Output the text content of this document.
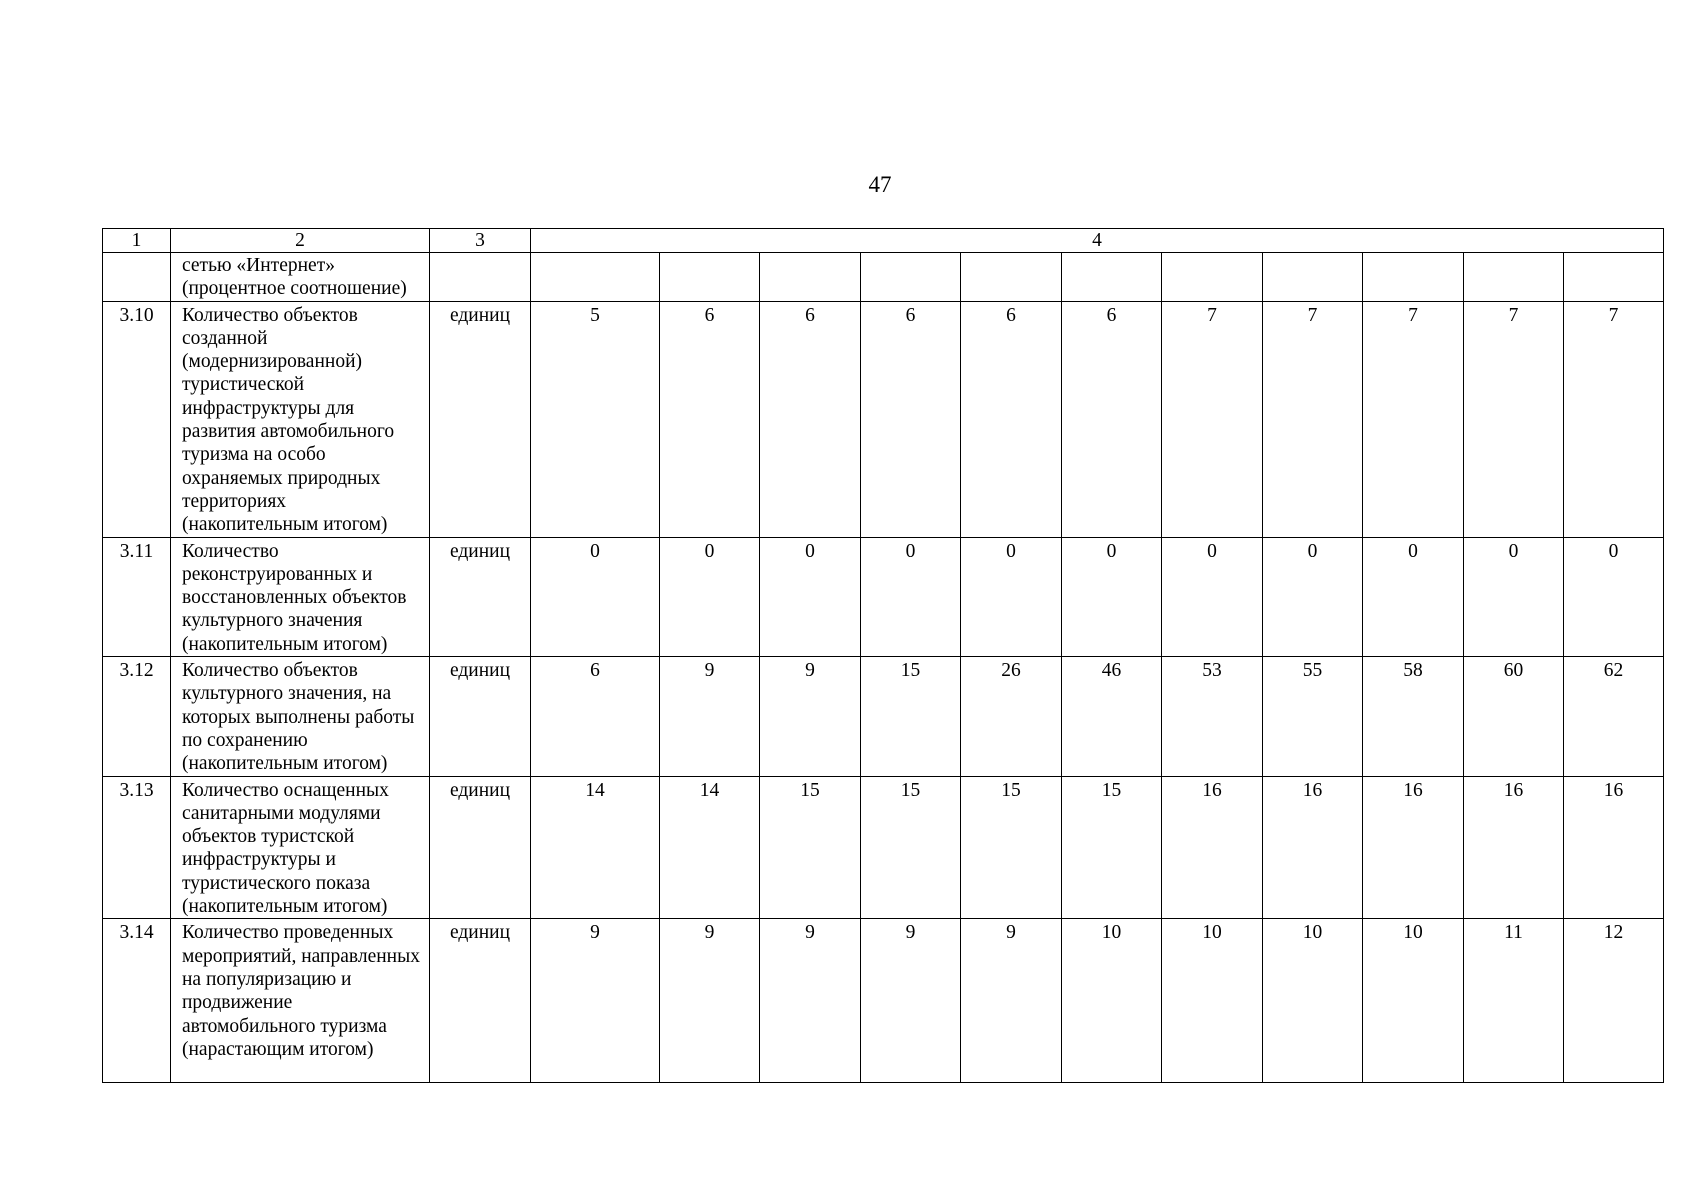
47
1	2	3	4										
	сетью «Интернет» (процентное соотношение)												
3.10	Количество объектов созданной (модернизированной) туристической инфраструктуры для развития автомобильного туризма на особо охраняемых природных территориях (накопительным итогом)	единиц	5	6	6	6	6	6	7	7	7	7	7
3.11	Количество реконструированных и восстановленных объектов культурного значения (накопительным итогом)	единиц	0	0	0	0	0	0	0	0	0	0	0
3.12	Количество объектов культурного значения, на которых выполнены работы по сохранению (накопительным итогом)	единиц	6	9	9	15	26	46	53	55	58	60	62
3.13	Количество оснащенных санитарными модулями объектов туристской инфраструктуры и туристического показа (накопительным итогом)	единиц	14	14	15	15	15	15	16	16	16	16	16
3.14	Количество проведенных мероприятий, направленных на популяризацию и продвижение автомобильного туризма (нарастающим итогом)	единиц	9	9	9	9	9	10	10	10	10	11	12
